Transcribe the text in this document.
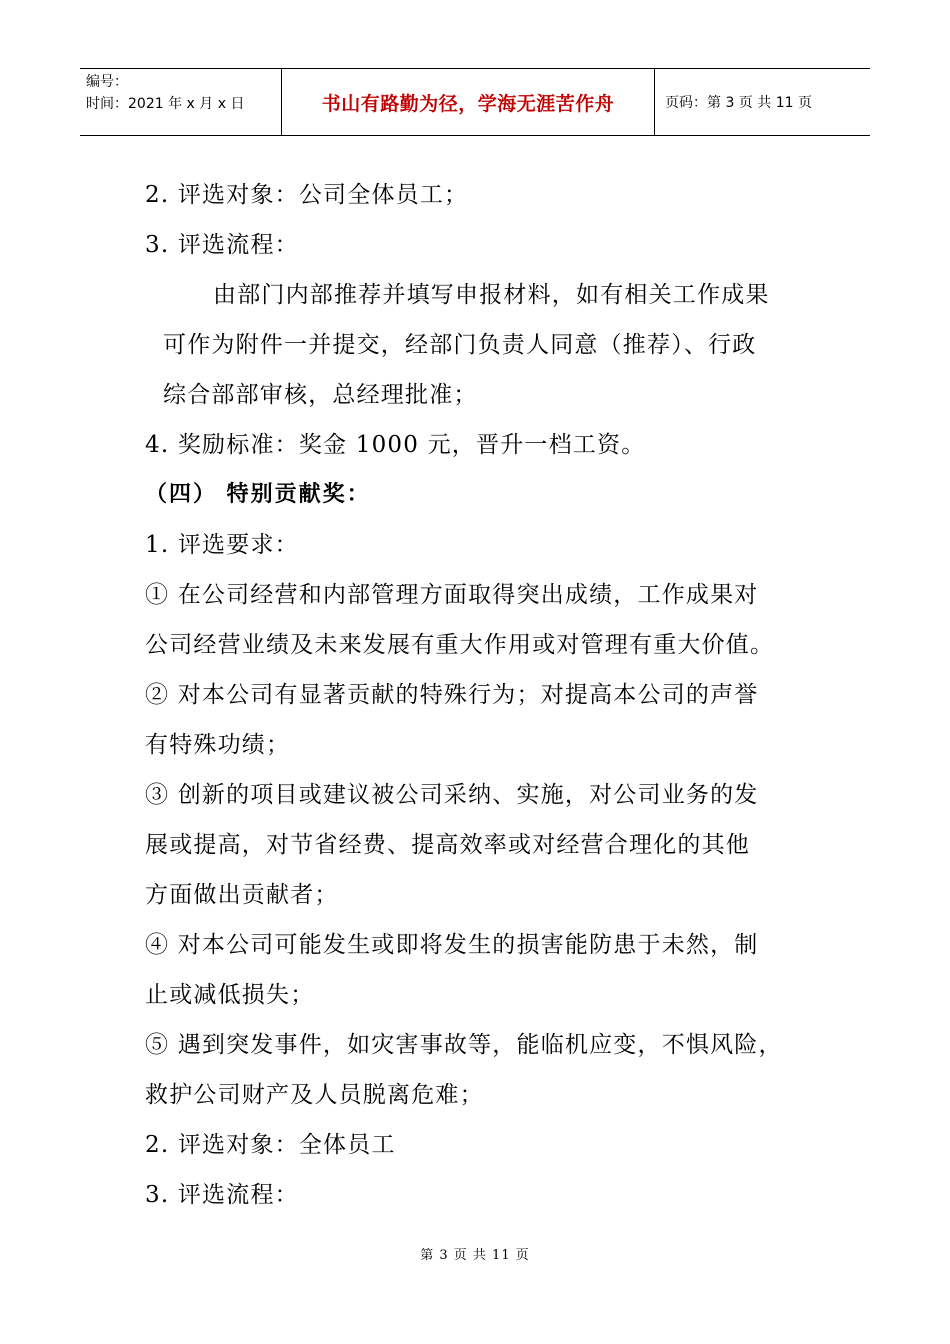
编号：
时间：2021 年 x 月 x 日	书山有路勤为径，学海无涯苦作舟	页码：第 3 页 共 11 页
2. 评选对象：公司全体员工；
3. 评选流程：
由部门内部推荐并填写申报材料，如有相关工作成果
可作为附件一并提交，经部门负责人同意（推荐）、行政
综合部部审核，总经理批准；
4. 奖励标准：奖金 1000 元，晋升一档工资。
（四） 特别贡献奖：
1. 评选要求：
① 在公司经营和内部管理方面取得突出成绩，工作成果对
公司经营业绩及未来发展有重大作用或对管理有重大价值。
② 对本公司有显著贡献的特殊行为；对提高本公司的声誉
有特殊功绩；
③ 创新的项目或建议被公司采纳、实施，对公司业务的发
展或提高，对节省经费、提高效率或对经营合理化的其他
方面做出贡献者；
④ 对本公司可能发生或即将发生的损害能防患于未然，制
止或减低损失；
⑤ 遇到突发事件，如灾害事故等，能临机应变，不惧风险，
救护公司财产及人员脱离危难；
2. 评选对象：全体员工
3. 评选流程：
第 3 页 共 11 页
